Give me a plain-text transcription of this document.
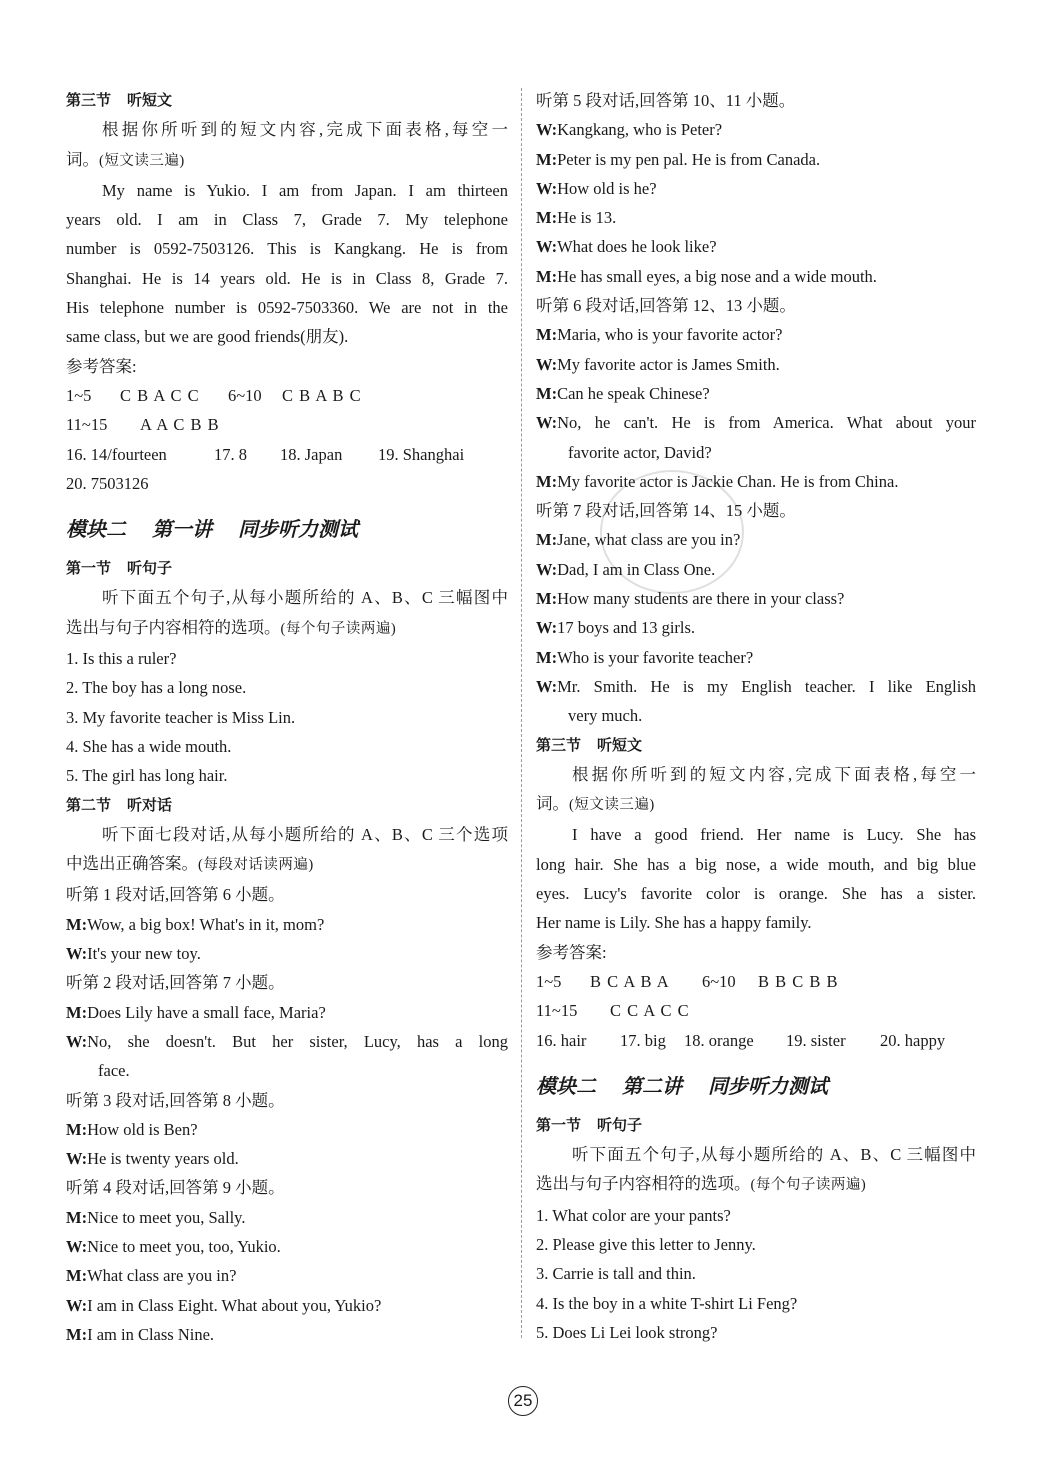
第三节 听短文
根据你所听到的短文内容,完成下面表格,每空一
词。(短文读三遍)
My name is Yukio. I am from Japan. I am thirteen
years old. I am in Class 7, Grade 7. My telephone
number is 0592-7503126. This is Kangkang. He is from
Shanghai. He is 14 years old. He is in Class 8, Grade 7.
His telephone number is 0592-7503360. We are not in the
same class, but we are good friends(朋友).
参考答案:
1~5 C B A C C 6~10 C B A B C
11~15 A A C B B
16. 14/fourteen	17. 8 18. Japan 19. Shanghai
20. 7503126
模块二 第一讲 同步听力测试
第一节 听句子
听下面五个句子,从每小题所给的 A、B、C 三幅图中
选出与句子内容相符的选项。(每个句子读两遍)
1. Is this a ruler?
2. The boy has a long nose.
3. My favorite teacher is Miss Lin.
4. She has a wide mouth.
5. The girl has long hair.
第二节 听对话
听下面七段对话,从每小题所给的 A、B、C 三个选项
中选出正确答案。(每段对话读两遍)
听第 1 段对话,回答第 6 小题。
M:Wow, a big box! What's in it, mom?
W:It's your new toy.
听第 2 段对话,回答第 7 小题。
M:Does Lily have a small face, Maria?
W:No, she doesn't. But her sister, Lucy, has a long
face.
听第 3 段对话,回答第 8 小题。
M:How old is Ben?
W:He is twenty years old.
听第 4 段对话,回答第 9 小题。
M:Nice to meet you, Sally.
W:Nice to meet you, too, Yukio.
M:What class are you in?
W:I am in Class Eight. What about you, Yukio?
M:I am in Class Nine.
听第 5 段对话,回答第 10、11 小题。
W:Kangkang, who is Peter?
M:Peter is my pen pal. He is from Canada.
W:How old is he?
M:He is 13.
W:What does he look like?
M:He has small eyes, a big nose and a wide mouth.
听第 6 段对话,回答第 12、13 小题。
M:Maria, who is your favorite actor?
W:My favorite actor is James Smith.
M:Can he speak Chinese?
W:No, he can't. He is from America. What about your
favorite actor, David?
M:My favorite actor is Jackie Chan. He is from China.
听第 7 段对话,回答第 14、15 小题。
M:Jane, what class are you in?
W:Dad, I am in Class One.
M:How many students are there in your class?
W:17 boys and 13 girls.
M:Who is your favorite teacher?
W:Mr. Smith. He is my English teacher. I like English
very much.
第三节 听短文
根据你所听到的短文内容,完成下面表格,每空一
词。(短文读三遍)
I have a good friend. Her name is Lucy. She has
long hair. She has a big nose, a wide mouth, and big blue
eyes. Lucy's favorite color is orange. She has a sister.
Her name is Lily. She has a happy family.
参考答案:
1~5 B C A B A 6~10 B B C B B
11~15 C C A C C
16. hair 17. big 18. orange 19. sister 20. happy
模块二 第二讲 同步听力测试
第一节 听句子
听下面五个句子,从每小题所给的 A、B、C 三幅图中
选出与句子内容相符的选项。(每个句子读两遍)
1. What color are your pants?
2. Please give this letter to Jenny.
3. Carrie is tall and thin.
4. Is the boy in a white T-shirt Li Feng?
5. Does Li Lei look strong?
25
